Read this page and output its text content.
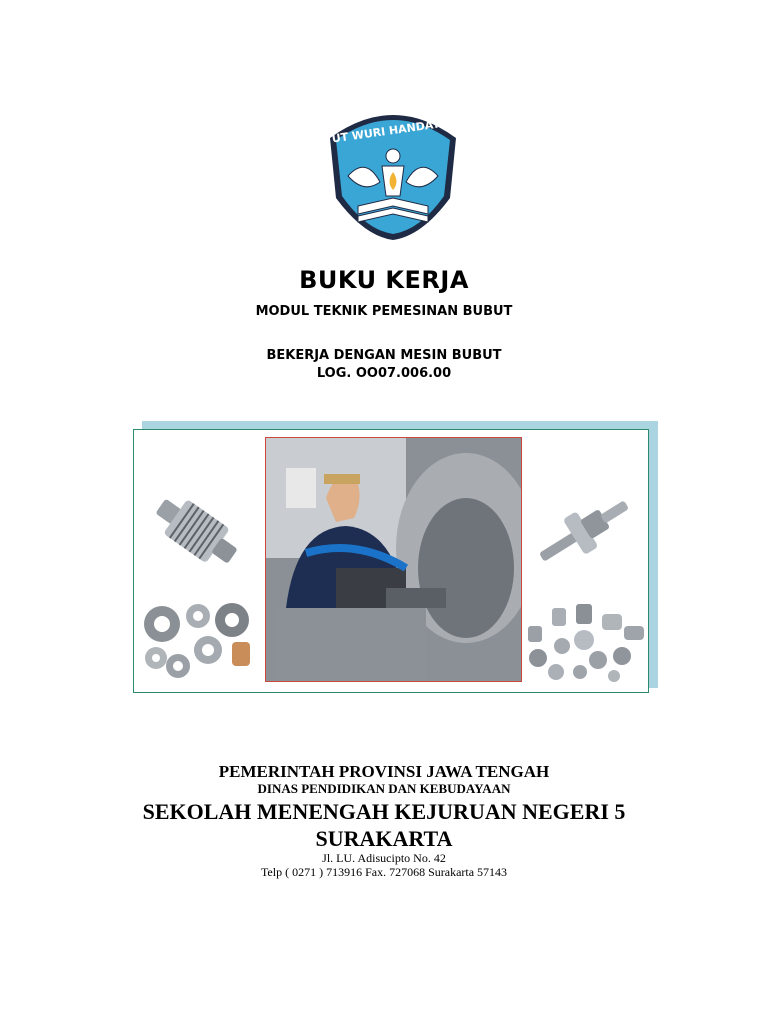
TUT WURI HANDAYANI
BUKU KERJA
MODUL TEKNIK PEMESINAN BUBUT
BEKERJA DENGAN MESIN BUBUT
LOG. OO07.006.00
PEMERINTAH PROVINSI JAWA TENGAH
DINAS PENDIDIKAN DAN KEBUDAYAAN
SEKOLAH MENENGAH KEJURUAN NEGERI 5
SURAKARTA
Jl. LU. Adisucipto No. 42
Telp ( 0271 ) 713916 Fax. 727068 Surakarta 57143
